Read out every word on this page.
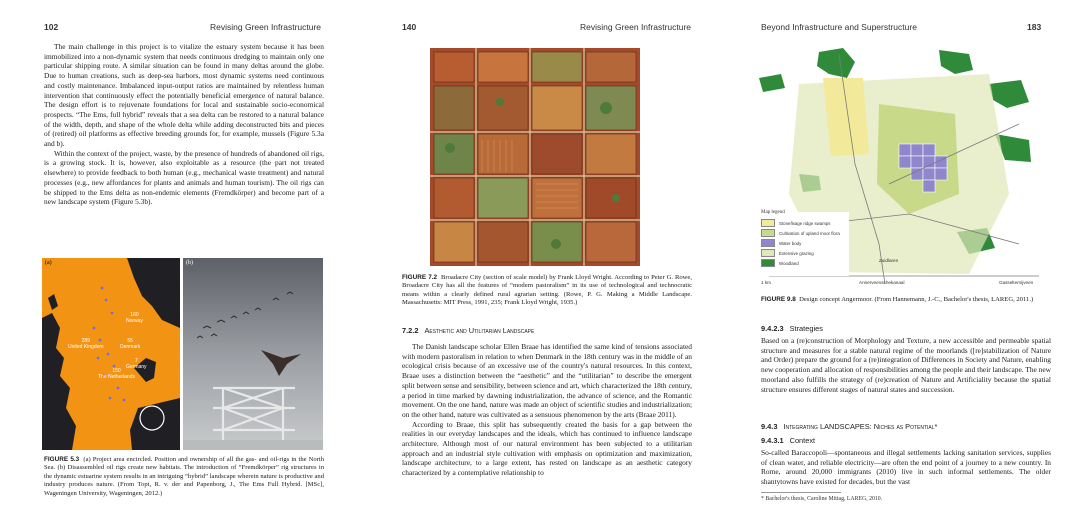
102	Revising Green Infrastructure

The main challenge in this project is to vitalize the estuary system because it has been immobilized into a non-dynamic system that needs continuous dredging to maintain only one particular shipping route. A similar situation can be found in many deltas around the globe. Due to human creations, such as deep-sea harbors, most dynamic systems need continuous and costly maintenance. Imbalanced input-output ratios are maintained by relentless human intervention that continuously effect the potentially beneficial emergence of natural balance. The design effort is to rejuvenate foundations for local and sustainable socio-economical prospects. “The Ems, full hybrid” reveals that a sea delta can be restored to a natural balance of the width, depth, and shape of the whole delta while adding deconstructed bits and pieces of (retired) oil platforms as effective breeding grounds for, for example, mussels (Figure 5.3a and b).

Within the context of the project, waste, by the presence of hundreds of abandoned oil rigs, is a growing stock. It is, however, also exploitable as a resource (the part not treated elsewhere) to provide feedback to both human (e.g., mechanical waste treatment) and natural processes (e.g., new affordances for plants and animals and human tourism). The oil rigs can be shipped to the Ems delta as non-endemic elements (Fremdkörper) and become part of a new landscape system (Figure 5.3b).

(a)
160
Norway
55
Denmark
289
United Kingdom
7
Germany
150
The Netherlands
(b)
FIGURE 5.3 (a) Project area encircled. Position and ownership of all the gas- and oil-rigs in the North Sea. (b) Disassembled oil rigs create new habitats. The introduction of “Fremdkörper” rig structures in the dynamic estuarine system results in an intriguing “hybrid” landscape wherein nature is productive and industry produces nature. (From Topt, R. v. der and Papenborg, J., The Ems Full Hybrid. [MSc], Wageningen University, Wageningen, 2012.)
140	Revising Green Infrastructure
FIGURE 7.2 Broadacre City (section of scale model) by Frank Lloyd Wright. According to Peter G. Rowe, Broadacre City has all the features of “modern pastoralism” in its use of technological and technocratic means within a clearly defined rural agrarian setting. (Rowe, P. G. Making a Middle Landscape. Massachusetts: MIT Press, 1991, 235; Frank Lloyd Wright, 1935.)
7.2.2 Aesthetic and Utilitarian Landscape

The Danish landscape scholar Ellen Braae has identified the same kind of tensions associated with modern pastoralism in relation to when Denmark in the 18th century was in the middle of an ecological crisis because of an excessive use of the country's natural resources. In this context, Braae uses a distinction between the “aesthetic” and the “utilitarian” to describe the emergent split between sense and sensibility, between science and art, which characterized the 18th century, a period in time marked by dawning industrialization, the advance of science, and the Romantic movement. On the one hand, nature was made an object of scientific studies and industrialization; on the other hand, nature was cultivated as a sensuous phenomenon by the arts (Braae 2011).

According to Braae, this split has subsequently created the basis for a gap between the realities in our everyday landscapes and the ideals, which has continued to influence landscape architecture. Although most of our natural environment has been subjected to a utilitarian approach and an industrial style cultivation with emphasis on optimization and maximization, landscape architecture, to a large extent, has rested on landscape as an aesthetic category characterized by a contemplative relationship to

Beyond Infrastructure and Superstructure	183
Map legend
Stonefisage ridge swamps
Cultivation of upland moor flora
Water body
Extensive grazing
Woodland	Zuidlaren
Annerveenschekanaal	Gasselternijveen
1 km
FIGURE 9.8 Design concept Angermoor. (From Hannemann, J.-C., Bachelor's thesis, LAREG, 2011.)
9.4.2.3 Strategies

Based on a (re)construction of Morphology and Texture, a new accessible and permeable spatial structure and measures for a stable natural regime of the moorlands ([re]stabilization of Nature and Order) prepare the ground for a (re)integration of Differences in Society and Nature, enabling new cooperation and allocation of responsibilities among the people and their landscape. The new moorland also fulfills the strategy of (re)creation of Nature and Artificiality because the spatial structure ensures different stages of natural states and succession.

9.4.3 Integrating LANDSCAPES: Niches as Potential*
9.4.3.1 Context

So-called Baraccopoli—spontaneous and illegal settlements lacking sanitation services, supplies of clean water, and reliable electricity—are often the end point of a journey to a new country. In Rome, around 20,000 immigrants (2010) live in such informal settlements. The older shantytowns have existed for decades, but the vast

* Bachelor's thesis, Caroline Mittag, LAREG, 2010.
